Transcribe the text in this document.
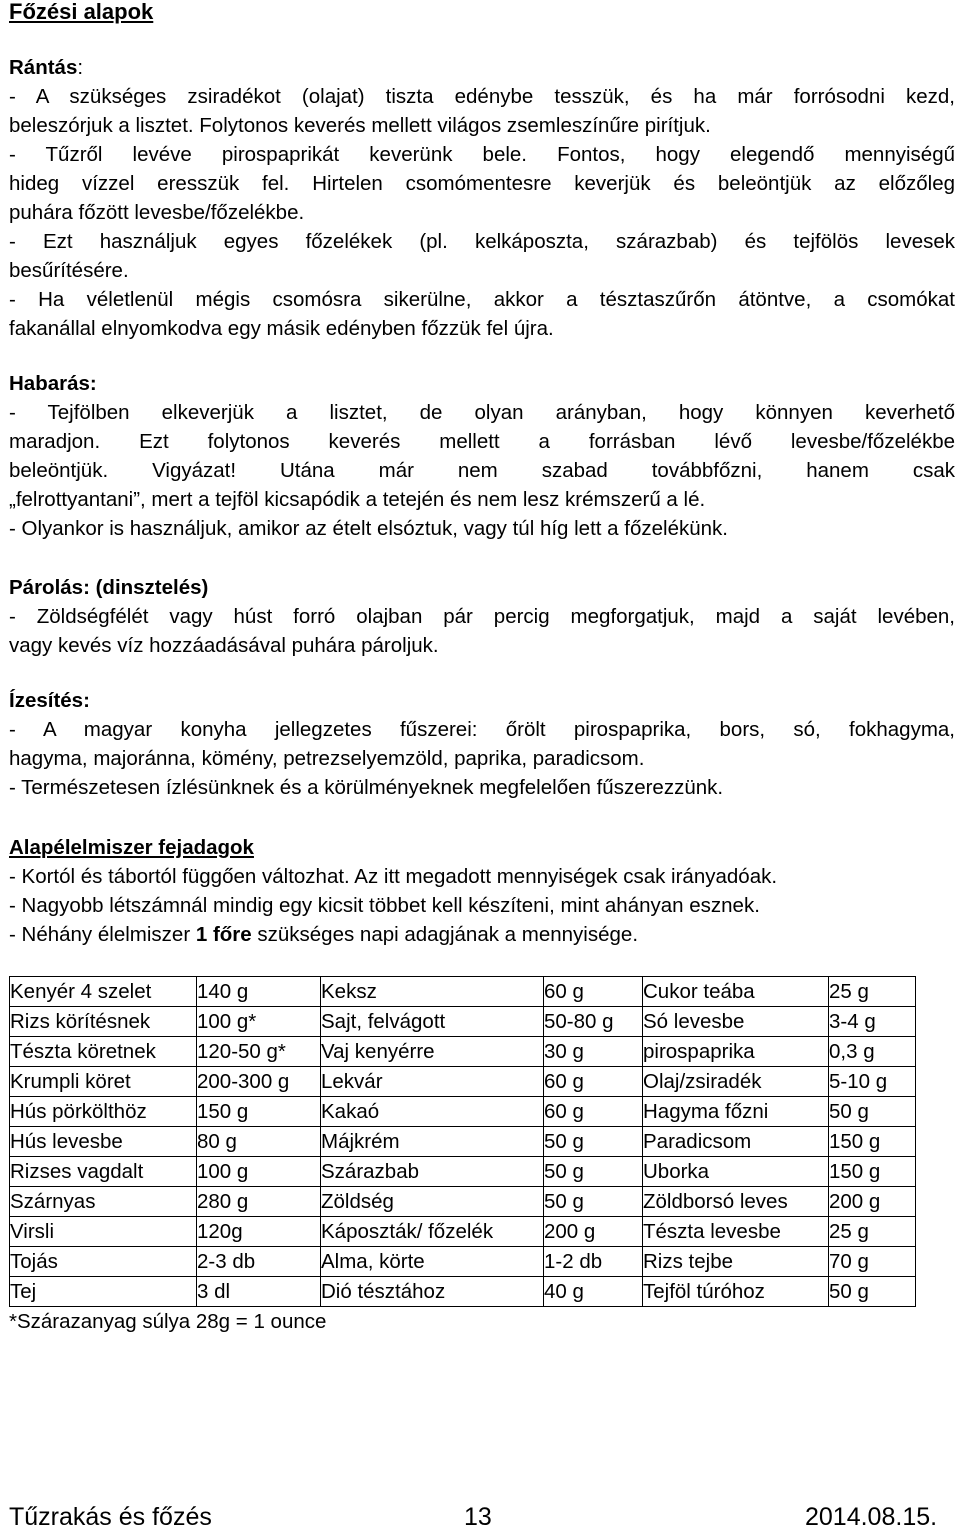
Főzési alapok
Rántás:
- A szükséges zsiradékot (olajat) tiszta edénybe tesszük, és ha már forrósodni kezd,
beleszórjuk a lisztet. Folytonos keverés mellett világos zsemleszínűre pirítjuk.
- Tűzről levéve pirospaprikát keverünk bele. Fontos, hogy elegendő mennyiségű
hideg vízzel eresszük fel. Hirtelen csomómentesre keverjük és beleöntjük az előzőleg
puhára főzött levesbe/főzelékbe.
- Ezt használjuk egyes főzelékek (pl. kelkáposzta, szárazbab) és tejfölös levesek
besűrítésére.
- Ha véletlenül mégis csomósra sikerülne, akkor a tésztaszűrőn átöntve, a csomókat
fakanállal elnyomkodva egy másik edényben főzzük fel újra.
Habarás:
- Tejfölben elkeverjük a lisztet, de olyan arányban, hogy könnyen keverhető
maradjon. Ezt folytonos keverés mellett a forrásban lévő levesbe/főzelékbe
beleöntjük. Vigyázat! Utána már nem szabad továbbfőzni, hanem csak
„felrottyantani”, mert a tejföl kicsapódik a tetején és nem lesz krémszerű a lé.
- Olyankor is használjuk, amikor az ételt elsóztuk, vagy túl híg lett a főzelékünk.
Párolás: (dinsztelés)
- Zöldségfélét vagy húst forró olajban pár percig megforgatjuk, majd a saját levében,
vagy kevés víz hozzáadásával puhára pároljuk.
Ízesítés:
- A magyar konyha jellegzetes fűszerei: őrölt pirospaprika, bors, só, fokhagyma,
hagyma, majoránna, kömény, petrezselyemzöld, paprika, paradicsom.
- Természetesen ízlésünknek és a körülményeknek megfelelően fűszerezzünk.
Alapélelmiszer fejadagok
- Kortól és tábortól függően változhat. Az itt megadott mennyiségek csak irányadóak.
- Nagyobb létszámnál mindig egy kicsit többet kell készíteni, mint ahányan esznek.
- Néhány élelmiszer 1 főre szükséges napi adagjának a mennyisége.
Kenyér 4 szelet	140 g	Keksz	60 g	Cukor teába	25 g
Rizs körítésnek	100 g*	Sajt, felvágott	50-80 g	Só levesbe	3-4 g
Tészta köretnek	120-50 g*	Vaj kenyérre	30 g	pirospaprika	0,3 g
Krumpli köret	200-300 g	Lekvár	60 g	Olaj/zsiradék	5-10 g
Hús pörkölthöz	150 g	Kakaó	60 g	Hagyma főzni	50 g
Hús levesbe	80 g	Májkrém	50 g	Paradicsom	150 g
Rizses vagdalt	100 g	Szárazbab	50 g	Uborka	150 g
Szárnyas	280 g	Zöldség	50 g	Zöldborsó leves	200 g
Virsli	120g	Káposzták/ főzelék	200 g	Tészta levesbe	25 g
Tojás	2-3 db	Alma, körte	1-2 db	Rizs tejbe	70 g
Tej	3 dl	Dió tésztához	40 g	Tejföl túróhoz	50 g
*Szárazanyag súlya 28g = 1 ounce
Tűzrakás és főzés	13	2014.08.15.
